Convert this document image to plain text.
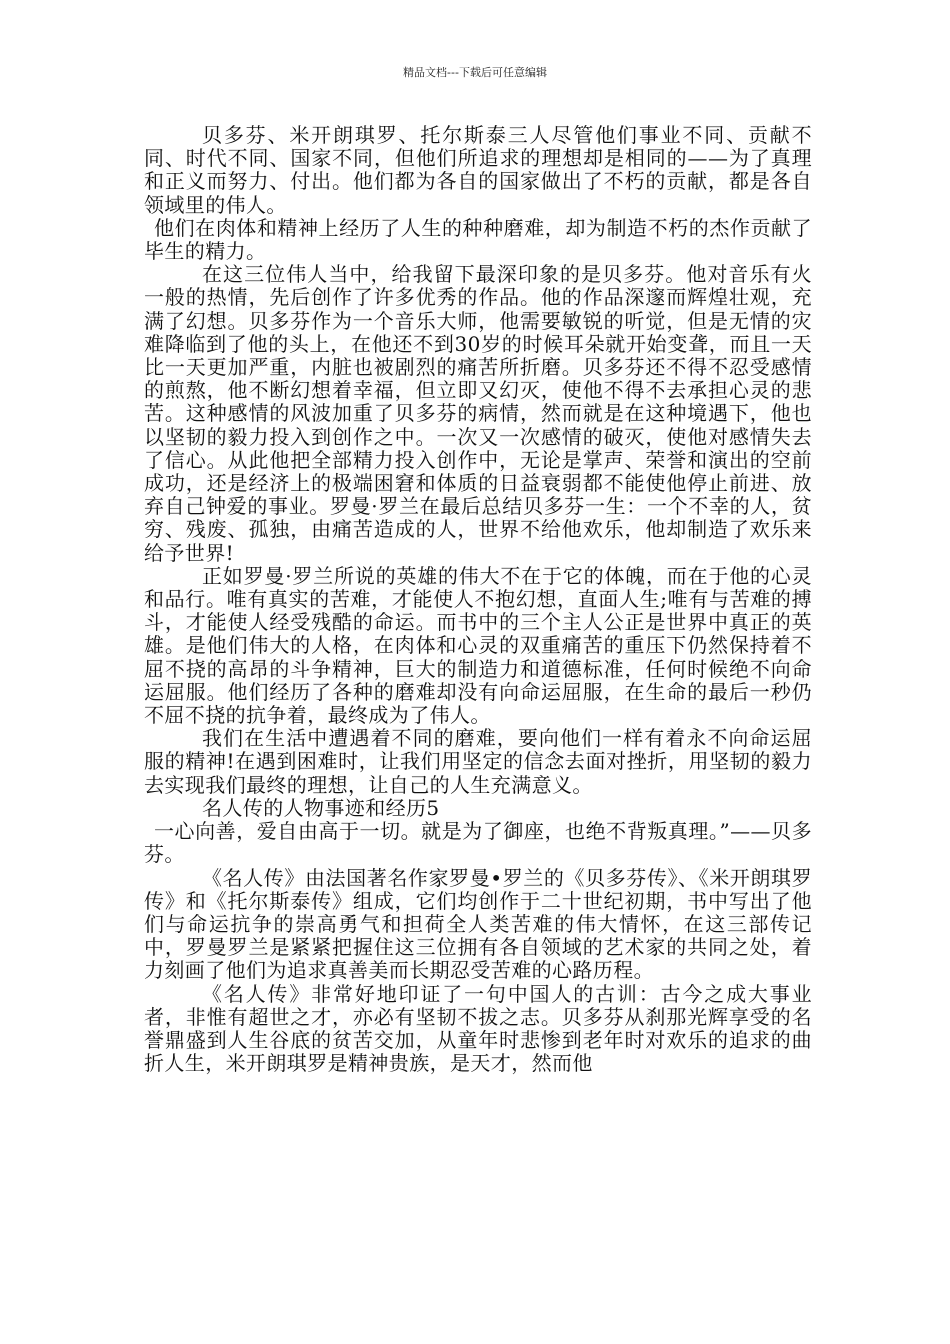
精品文档---下载后可任意编辑

贝多芬、米开朗琪罗、托尔斯泰三人尽管他们事业不同、贡献不同、时代不同、国家不同，但他们所追求的理想却是相同的——为了真理和正义而努力、付出。他们都为各自的国家做出了不朽的贡献，都是各自领域里的伟人。

他们在肉体和精神上经历了人生的种种磨难，却为制造不朽的杰作贡献了毕生的精力。

在这三位伟人当中，给我留下最深印象的是贝多芬。他对音乐有火一般的热情，先后创作了许多优秀的作品。他的作品深邃而辉煌壮观，充满了幻想。贝多芬作为一个音乐大师，他需要敏锐的听觉，但是无情的灾难降临到了他的头上，在他还不到30岁的时候耳朵就开始变聋，而且一天比一天更加严重，内脏也被剧烈的痛苦所折磨。贝多芬还不得不忍受感情的煎熬，他不断幻想着幸福，但立即又幻灭，使他不得不去承担心灵的悲苦。这种感情的风波加重了贝多芬的病情，然而就是在这种境遇下，他也以坚韧的毅力投入到创作之中。一次又一次感情的破灭，使他对感情失去了信心。从此他把全部精力投入创作中，无论是掌声、荣誉和演出的空前成功，还是经济上的极端困窘和体质的日益衰弱都不能使他停止前进、放弃自己钟爱的事业。罗曼·罗兰在最后总结贝多芬一生：一个不幸的人，贫穷、残废、孤独，由痛苦造成的人，世界不给他欢乐，他却制造了欢乐来给予世界!

正如罗曼·罗兰所说的英雄的伟大不在于它的体魄，而在于他的心灵和品行。唯有真实的苦难，才能使人不抱幻想，直面人生;唯有与苦难的搏斗，才能使人经受残酷的命运。而书中的三个主人公正是世界中真正的英雄。是他们伟大的人格，在肉体和心灵的双重痛苦的重压下仍然保持着不屈不挠的高昂的斗争精神，巨大的制造力和道德标准，任何时候绝不向命运屈服。他们经历了各种的磨难却没有向命运屈服，在生命的最后一秒仍不屈不挠的抗争着，最终成为了伟人。

我们在生活中遭遇着不同的磨难，要向他们一样有着永不向命运屈服的精神!在遇到困难时，让我们用坚定的信念去面对挫折，用坚韧的毅力去实现我们最终的理想，让自己的人生充满意义。

名人传的人物事迹和经历5

一心向善，爱自由高于一切。就是为了御座，也绝不背叛真理。”——贝多芬。

《名人传》由法国著名作家罗曼•罗兰的《贝多芬传》、《米开朗琪罗传》和《托尔斯泰传》组成，它们均创作于二十世纪初期，书中写出了他们与命运抗争的崇高勇气和担荷全人类苦难的伟大情怀，在这三部传记中，罗曼罗兰是紧紧把握住这三位拥有各自领域的艺术家的共同之处，着力刻画了他们为追求真善美而长期忍受苦难的心路历程。

《名人传》非常好地印证了一句中国人的古训：古今之成大事业者，非惟有超世之才，亦必有坚韧不拔之志。贝多芬从刹那光辉享受的名誉鼎盛到人生谷底的贫苦交加，从童年时悲惨到老年时对欢乐的追求的曲折人生，米开朗琪罗是精神贵族，是天才，然而他
